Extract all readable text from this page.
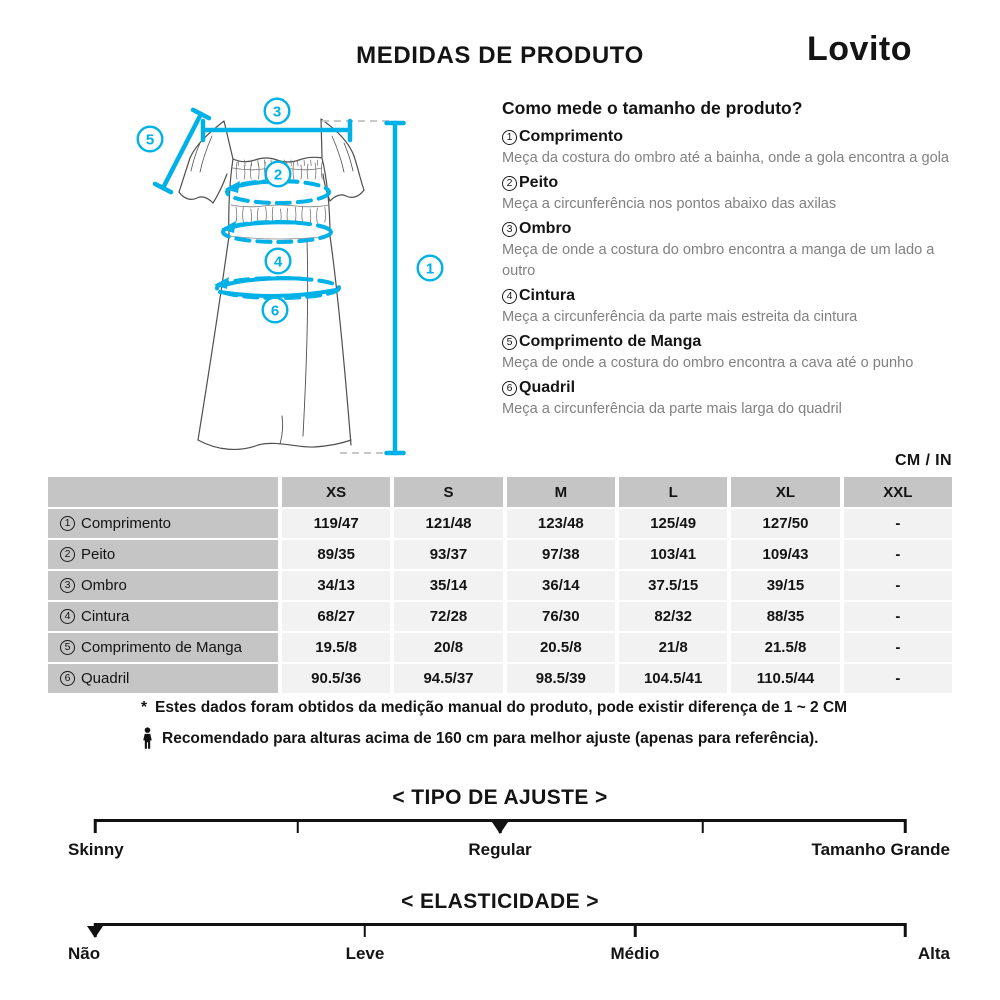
MEDIDAS DE PRODUTO	Lovito
3
5
2
4
6
1
Como mede o tamanho de produto?
1 Comprimento
Meça da costura do ombro até a bainha, onde a gola encontra a gola
2 Peito
Meça a circunferência nos pontos abaixo das axilas
3 Ombro
Meça de onde a costura do ombro encontra a manga de um lado a outro
4 Cintura
Meça a circunferência da parte mais estreita da cintura
5 Comprimento de Manga
Meça de onde a costura do ombro encontra a cava até o punho
6 Quadril
Meça a circunferência da parte mais larga do quadril
CM / IN
XS	S	M	L	XL	XXL
1 Comprimento	119/47	121/48	123/48	125/49	127/50	-
2 Peito	89/35	93/37	97/38	103/41	109/43	-
3 Ombro	34/13	35/14	36/14	37.5/15	39/15	-
4 Cintura	68/27	72/28	76/30	82/32	88/35	-
5 Comprimento de Manga	19.5/8	20/8	20.5/8	21/8	21.5/8	-
6 Quadril	90.5/36	94.5/37	98.5/39	104.5/41	110.5/44	-
* Estes dados foram obtidos da medição manual do produto, pode existir diferença de 1 ~ 2 CM
Recomendado para alturas acima de 160 cm para melhor ajuste (apenas para referência).
< TIPO DE AJUSTE >
Skinny	Regular	Tamanho Grande
< ELASTICIDADE >
Não	Leve	Médio	Alta
